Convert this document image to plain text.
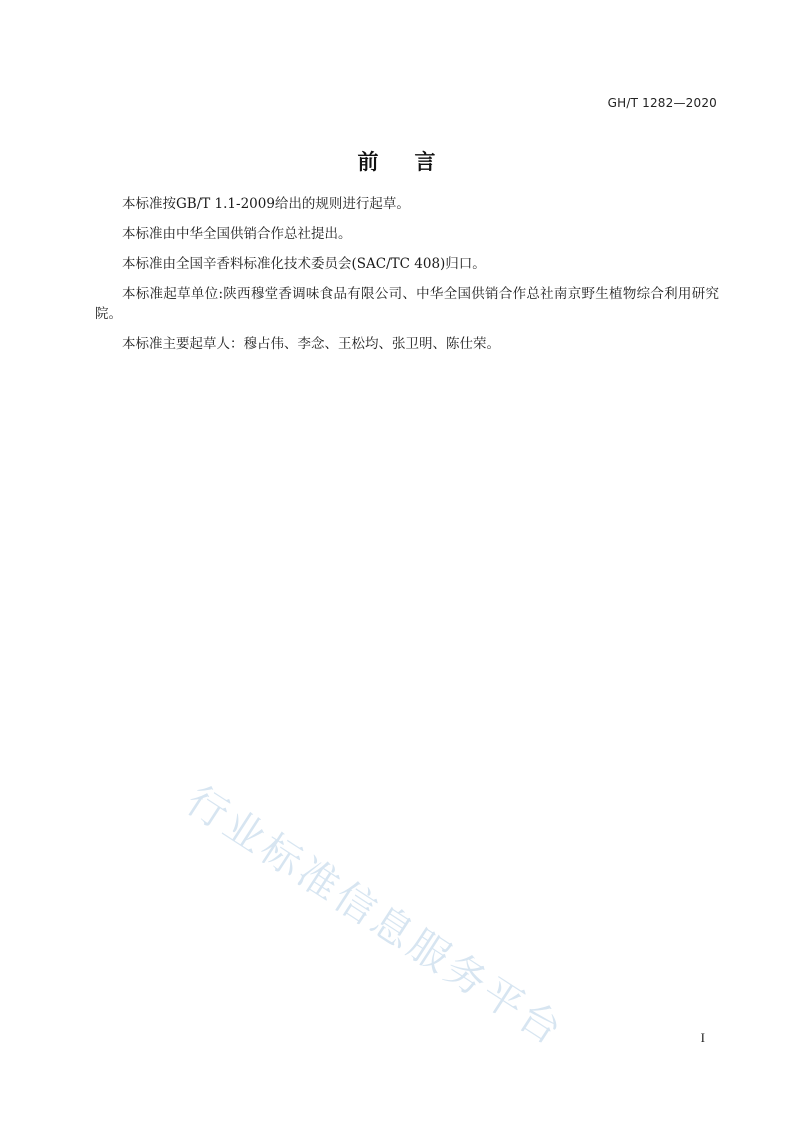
GH/T 1282—2020
前言

本标准按GB/T 1.1-2009给出的规则进行起草。

本标准由中华全国供销合作总社提出。

本标准由全国辛香料标准化技术委员会(SAC/TC 408)归口。

本标准起草单位:陕西穆堂香调味食品有限公司、中华全国供销合作总社南京野生植物综合利用研究院。

本标准主要起草人：穆占伟、李念、王松均、张卫明、陈仕荣。

行业标准信息服务平台	I
